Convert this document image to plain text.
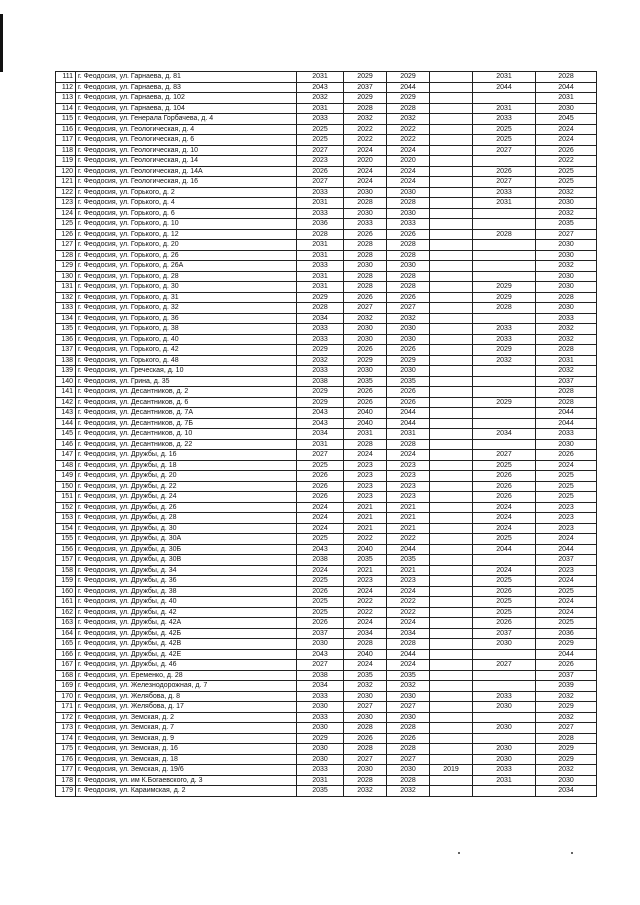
111	г. Феодосия, ул. Гарнаева, д. 81	2031	2029	2029		2031	2028
112	г. Феодосия, ул. Гарнаева, д. 83	2043	2037	2044		2044	2044
113	г. Феодосия, ул. Гарнаева, д. 102	2032	2029	2029			2031
114	г. Феодосия, ул. Гарнаева, д. 104	2031	2028	2028		2031	2030
115	г. Феодосия, ул. Генерала Горбачева, д. 4	2033	2032	2032		2033	2045
116	г. Феодосия, ул. Геологическая, д. 4	2025	2022	2022		2025	2024
117	г. Феодосия, ул. Геологическая, д. 6	2025	2022	2022		2025	2024
118	г. Феодосия, ул. Геологическая, д. 10	2027	2024	2024		2027	2026
119	г. Феодосия, ул. Геологическая, д. 14	2023	2020	2020			2022
120	г. Феодосия, ул. Геологическая, д. 14А	2026	2024	2024		2026	2025
121	г. Феодосия, ул. Геологическая, д. 16	2027	2024	2024		2027	2025
122	г. Феодосия, ул. Горького, д. 2	2033	2030	2030		2033	2032
123	г. Феодосия, ул. Горького, д. 4	2031	2028	2028		2031	2030
124	г. Феодосия, ул. Горького, д. 6	2033	2030	2030			2032
125	г. Феодосия, ул. Горького, д. 10	2036	2033	2033			2035
126	г. Феодосия, ул. Горького, д. 12	2028	2026	2026		2028	2027
127	г. Феодосия, ул. Горького, д. 20	2031	2028	2028			2030
128	г. Феодосия, ул. Горького, д. 26	2031	2028	2028			2030
129	г. Феодосия, ул. Горького, д. 26А	2033	2030	2030			2032
130	г. Феодосия, ул. Горького, д. 28	2031	2028	2028			2030
131	г. Феодосия, ул. Горького, д. 30	2031	2028	2028		2029	2030
132	г. Феодосия, ул. Горького, д. 31	2029	2026	2026		2029	2028
133	г. Феодосия, ул. Горького, д. 32	2028	2027	2027		2028	2030
134	г. Феодосия, ул. Горького, д. 36	2034	2032	2032			2033
135	г. Феодосия, ул. Горького, д. 38	2033	2030	2030		2033	2032
136	г. Феодосия, ул. Горького, д. 40	2033	2030	2030		2033	2032
137	г. Феодосия, ул. Горького, д. 42	2029	2026	2026		2029	2028
138	г. Феодосия, ул. Горького, д. 48	2032	2029	2029		2032	2031
139	г. Феодосия, ул. Греческая, д. 10	2033	2030	2030			2032
140	г. Феодосия, ул. Грина, д. 35	2038	2035	2035			2037
141	г. Феодосия, ул. Десантников, д. 2	2029	2026	2026			2028
142	г. Феодосия, ул. Десантников, д. 6	2029	2026	2026		2029	2028
143	г. Феодосия, ул. Десантников, д. 7А	2043	2040	2044			2044
144	г. Феодосия, ул. Десантников, д. 7Б	2043	2040	2044			2044
145	г. Феодосия, ул. Десантников, д. 10	2034	2031	2031		2034	2033
146	г. Феодосия, ул. Десантников, д. 22	2031	2028	2028			2030
147	г. Феодосия, ул. Дружбы, д. 16	2027	2024	2024		2027	2026
148	г. Феодосия, ул. Дружбы, д. 18	2025	2023	2023		2025	2024
149	г. Феодосия, ул. Дружбы, д. 20	2026	2023	2023		2026	2025
150	г. Феодосия, ул. Дружбы, д. 22	2026	2023	2023		2026	2025
151	г. Феодосия, ул. Дружбы, д. 24	2026	2023	2023		2026	2025
152	г. Феодосия, ул. Дружбы, д. 26	2024	2021	2021		2024	2023
153	г. Феодосия, ул. Дружбы, д. 28	2024	2021	2021		2024	2023
154	г. Феодосия, ул. Дружбы, д. 30	2024	2021	2021		2024	2023
155	г. Феодосия, ул. Дружбы, д. 30А	2025	2022	2022		2025	2024
156	г. Феодосия, ул. Дружбы, д. 30Б	2043	2040	2044		2044	2044
157	г. Феодосия, ул. Дружбы, д. 30В	2038	2035	2035			2037
158	г. Феодосия, ул. Дружбы, д. 34	2024	2021	2021		2024	2023
159	г. Феодосия, ул. Дружбы, д. 36	2025	2023	2023		2025	2024
160	г. Феодосия, ул. Дружбы, д. 38	2026	2024	2024		2026	2025
161	г. Феодосия, ул. Дружбы, д. 40	2025	2022	2022		2025	2024
162	г. Феодосия, ул. Дружбы, д. 42	2025	2022	2022		2025	2024
163	г. Феодосия, ул. Дружбы, д. 42А	2026	2024	2024		2026	2025
164	г. Феодосия, ул. Дружбы, д. 42Б	2037	2034	2034		2037	2036
165	г. Феодосия, ул. Дружбы, д. 42В	2030	2028	2028		2030	2029
166	г. Феодосия, ул. Дружбы, д. 42Е	2043	2040	2044			2044
167	г. Феодосия, ул. Дружбы, д. 46	2027	2024	2024		2027	2026
168	г. Феодосия, ул. Еременко, д. 28	2038	2035	2035			2037
169	г. Феодосия, ул. Железнодорожная, д. 7	2034	2032	2032			2039
170	г. Феодосия, ул. Желябова, д. 8	2033	2030	2030		2033	2032
171	г. Феодосия, ул. Желябова, д. 17	2030	2027	2027		2030	2029
172	г. Феодосия, ул. Земская, д. 2	2033	2030	2030			2032
173	г. Феодосия, ул. Земская, д. 7	2030	2028	2028		2030	2027
174	г. Феодосия, ул. Земская, д. 9	2029	2026	2026			2028
175	г. Феодосия, ул. Земская, д. 16	2030	2028	2028		2030	2029
176	г. Феодосия, ул. Земская, д. 18	2030	2027	2027		2030	2029
177	г. Феодосия, ул. Земская, д. 19/6	2033	2030	2030	2019	2033	2032
178	г. Феодосия, ул. им К.Богаевского, д. 3	2031	2028	2028		2031	2030
179	г. Феодосия, ул. Караимская, д. 2	2035	2032	2032			2034
